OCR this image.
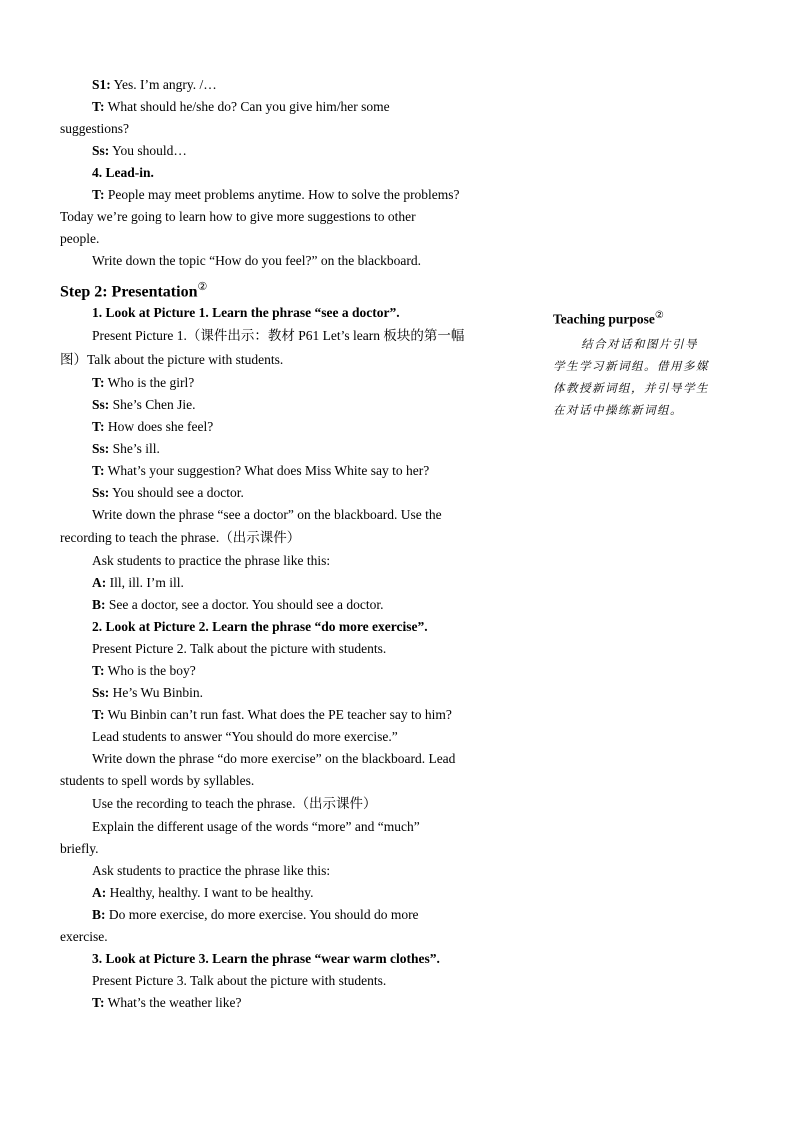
S1: Yes. I’m angry. /…
T: What should he/she do? Can you give him/her some
suggestions?
Ss: You should…
4. Lead-in.
T: People may meet problems anytime. How to solve the problems?
Today we’re going to learn how to give more suggestions to other
people.
Write down the topic “How do you feel?” on the blackboard.
Step 2: Presentation②
1. Look at Picture 1. Learn the phrase “see a doctor”.
Present Picture 1.（课件出示：教材 P61 Let’s learn 板块的第一幅
图）Talk about the picture with students.
T: Who is the girl?
Ss: She’s Chen Jie.
T: How does she feel?
Ss: She’s ill.
T: What’s your suggestion? What does Miss White say to her?
Ss: You should see a doctor.
Write down the phrase “see a doctor” on the blackboard. Use the
recording to teach the phrase.（出示课件）
Ask students to practice the phrase like this:
A: Ill, ill. I’m ill.
B: See a doctor, see a doctor. You should see a doctor.
2. Look at Picture 2. Learn the phrase “do more exercise”.
Present Picture 2. Talk about the picture with students.
T: Who is the boy?
Ss: He’s Wu Binbin.
T: Wu Binbin can’t run fast. What does the PE teacher say to him?
Lead students to answer “You should do more exercise.”
Write down the phrase “do more exercise” on the blackboard. Lead
students to spell words by syllables.
Use the recording to teach the phrase.（出示课件）
Explain the different usage of the words “more” and “much”
briefly.
Ask students to practice the phrase like this:
A: Healthy, healthy. I want to be healthy.
B: Do more exercise, do more exercise. You should do more
exercise.
3. Look at Picture 3. Learn the phrase “wear warm clothes”.
Present Picture 3. Talk about the picture with students.
T: What’s the weather like?
Teaching purpose②
结合对话和图片引导
学生学习新词组。借用多媒
体教授新词组，并引导学生
在对话中操练新词组。
